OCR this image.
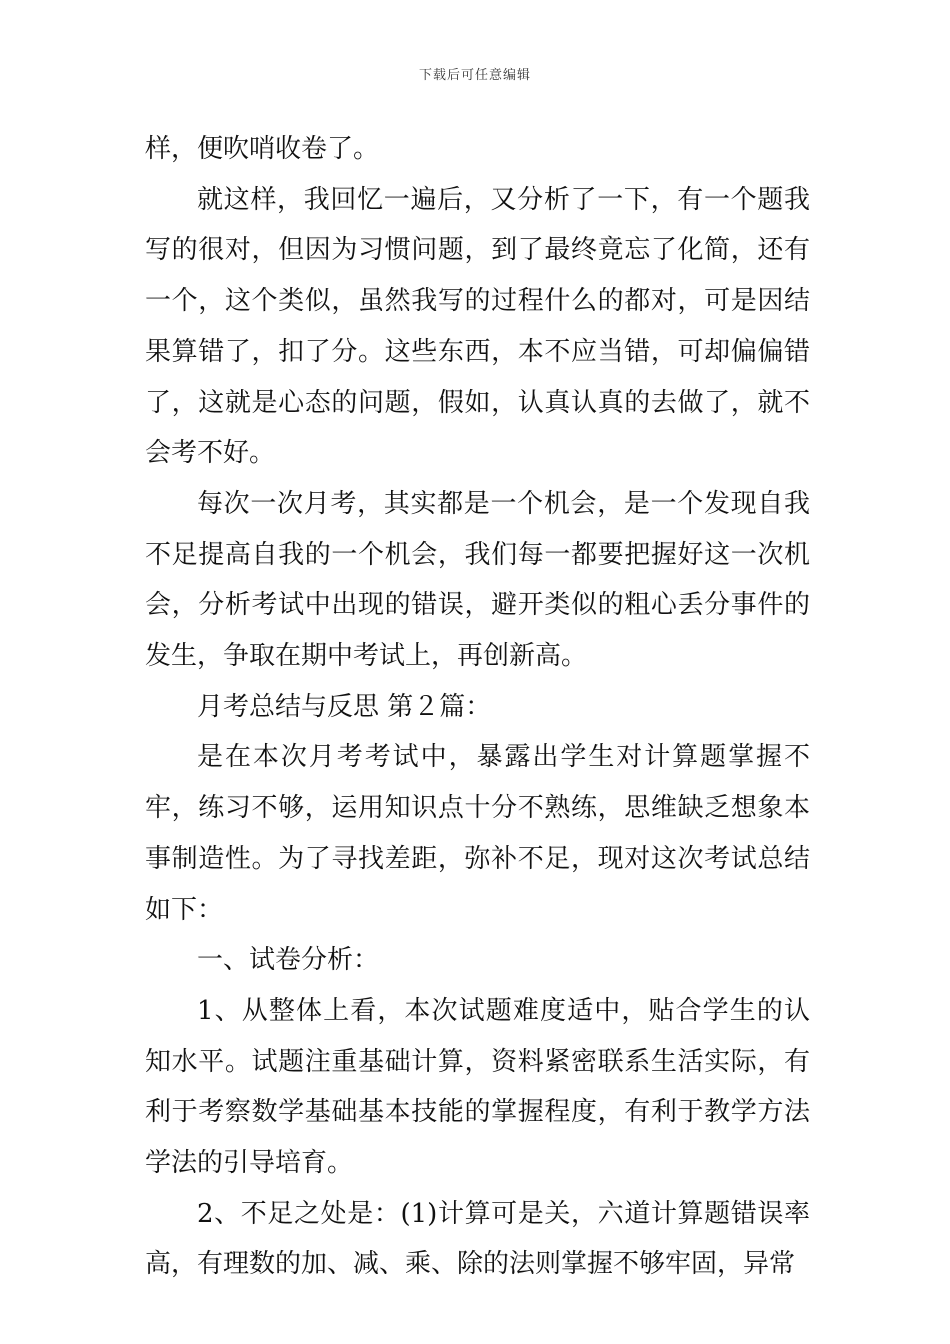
下载后可任意编辑

样，便吹哨收卷了。

就这样，我回忆一遍后，又分析了一下，有一个题我写的很对，但因为习惯问题，到了最终竟忘了化简，还有一个，这个类似，虽然我写的过程什么的都对，可是因结果算错了，扣了分。这些东西，本不应当错，可却偏偏错了，这就是心态的问题，假如，认真认真的去做了，就不会考不好。

每次一次月考，其实都是一个机会，是一个发现自我不足提高自我的一个机会，我们每一都要把握好这一次机会，分析考试中出现的错误，避开类似的粗心丢分事件的发生，争取在期中考试上，再创新高。

月考总结与反思 第２篇：

是在本次月考考试中，暴露出学生对计算题掌握不牢，练习不够，运用知识点十分不熟练，思维缺乏想象本事制造性。为了寻找差距，弥补不足，现对这次考试总结如下：

一、试卷分析：

1、从整体上看，本次试题难度适中，贴合学生的认知水平。试题注重基础计算，资料紧密联系生活实际，有利于考察数学基础基本技能的掌握程度，有利于教学方法学法的引导培育。

2、不足之处是：(1)计算可是关，六道计算题错误率高，有理数的加、减、乘、除的法则掌握不够牢固，异常
